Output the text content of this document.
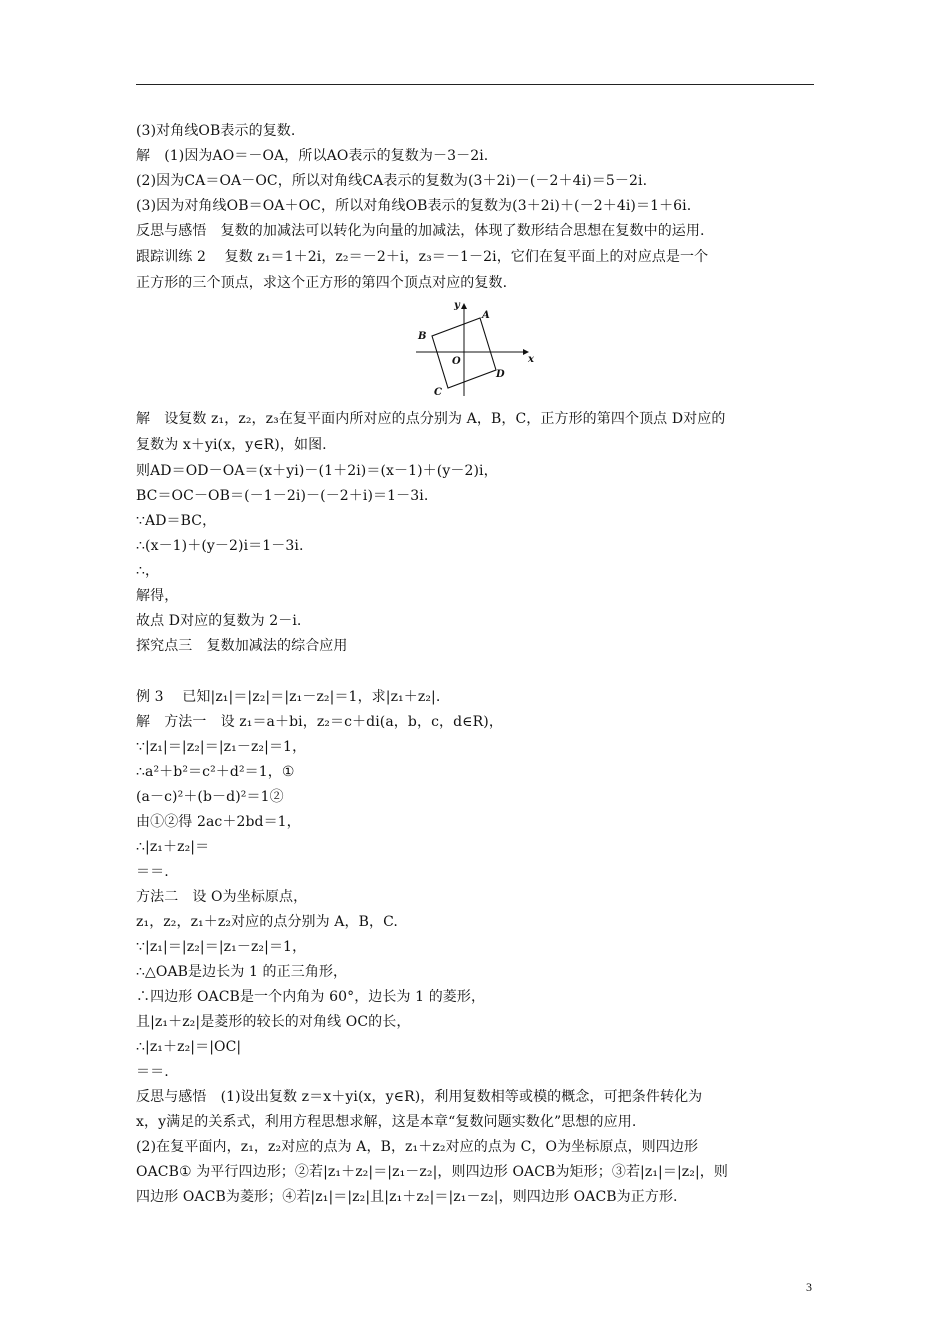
(3)对角线OB表示的复数.
解　(1)因为AO＝－OA，所以AO表示的复数为－3－2i.
(2)因为CA＝OA－OC，所以对角线CA表示的复数为(3＋2i)－(－2＋4i)＝5－2i.
(3)因为对角线OB＝OA＋OC，所以对角线OB表示的复数为(3＋2i)＋(－2＋4i)＝1＋6i.
反思与感悟　复数的加减法可以转化为向量的加减法，体现了数形结合思想在复数中的运用.
跟踪训练 2　 复数 z₁＝1＋2i，z₂＝－2＋i，z₃＝－1－2i，它们在复平面上的对应点是一个
正方形的三个顶点，求这个正方形的第四个顶点对应的复数.
x
y
O
A
B
C
D
解　设复数 z₁，z₂，z₃在复平面内所对应的点分别为 A，B，C，正方形的第四个顶点 D对应的
复数为 x＋yi(x，y∈R)，如图.
则AD＝OD－OA＝(x＋yi)－(1＋2i)＝(x－1)＋(y－2)i，
BC＝OC－OB＝(－1－2i)－(－2＋i)＝1－3i.
∵AD＝BC，
∴(x－1)＋(y－2)i＝1－3i.
∴，
解得，
故点 D对应的复数为 2－i.
探究点三　复数加减法的综合应用
例 3　 已知|z₁|＝|z₂|＝|z₁－z₂|＝1，求|z₁＋z₂|.
解　方法一　设 z₁＝a＋bi，z₂＝c＋di(a，b，c，d∈R)，
∵|z₁|＝|z₂|＝|z₁－z₂|＝1，
∴a²＋b²＝c²＋d²＝1，①
(a－c)²＋(b－d)²＝1②
由①②得 2ac＋2bd＝1，
∴|z₁＋z₂|＝
＝＝.
方法二　设 O为坐标原点，
z₁，z₂，z₁＋z₂对应的点分别为 A，B，C.
∵|z₁|＝|z₂|＝|z₁－z₂|＝1，
∴△OAB是边长为 1 的正三角形，
∴四边形 OACB是一个内角为 60°，边长为 1 的菱形，
且|z₁＋z₂|是菱形的较长的对角线 OC的长，
∴|z₁＋z₂|＝|OC|
＝＝.
反思与感悟　(1)设出复数 z＝x＋yi(x，y∈R)，利用复数相等或模的概念，可把条件转化为
x，y满足的关系式，利用方程思想求解，这是本章“复数问题实数化”思想的应用.
(2)在复平面内，z₁，z₂对应的点为 A，B，z₁＋z₂对应的点为 C，O为坐标原点，则四边形
OACB① 为平行四边形；②若|z₁＋z₂|＝|z₁－z₂|，则四边形 OACB为矩形；③若|z₁|＝|z₂|，则
四边形 OACB为菱形；④若|z₁|＝|z₂|且|z₁＋z₂|＝|z₁－z₂|，则四边形 OACB为正方形.
3
